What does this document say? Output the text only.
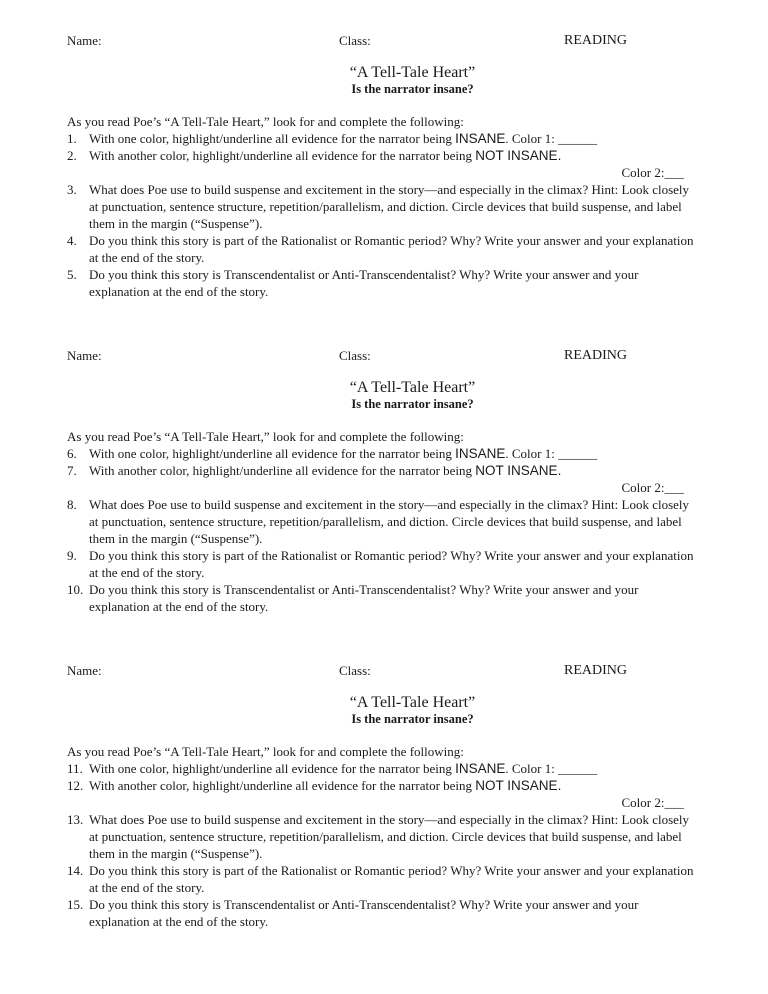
Name:	Class:	READING
“A Tell-Tale Heart”
Is the narrator insane?
As you read Poe’s “A Tell-Tale Heart,” look for and complete the following:
1. With one color, highlight/underline all evidence for the narrator being INSANE. Color 1: ______
2. With another color, highlight/underline all evidence for the narrator being NOT INSANE.
Color 2:___
3. What does Poe use to build suspense and excitement in the story—and especially in the climax? Hint: Look closely at punctuation, sentence structure, repetition/parallelism, and diction. Circle devices that build suspense, and label them in the margin (“Suspense”).
4. Do you think this story is part of the Rationalist or Romantic period? Why? Write your answer and your explanation at the end of the story.
5. Do you think this story is Transcendentalist or Anti-Transcendentalist? Why? Write your answer and your explanation at the end of the story.
Name:	Class:	READING
“A Tell-Tale Heart”
Is the narrator insane?
As you read Poe’s “A Tell-Tale Heart,” look for and complete the following:
6. With one color, highlight/underline all evidence for the narrator being INSANE. Color 1: ______
7. With another color, highlight/underline all evidence for the narrator being NOT INSANE.
Color 2:___
8. What does Poe use to build suspense and excitement in the story—and especially in the climax? Hint: Look closely at punctuation, sentence structure, repetition/parallelism, and diction. Circle devices that build suspense, and label them in the margin (“Suspense”).
9. Do you think this story is part of the Rationalist or Romantic period? Why? Write your answer and your explanation at the end of the story.
10. Do you think this story is Transcendentalist or Anti-Transcendentalist? Why? Write your answer and your explanation at the end of the story.
Name:	Class:	READING
“A Tell-Tale Heart”
Is the narrator insane?
As you read Poe’s “A Tell-Tale Heart,” look for and complete the following:
11. With one color, highlight/underline all evidence for the narrator being INSANE. Color 1: ______
12. With another color, highlight/underline all evidence for the narrator being NOT INSANE.
Color 2:___
13. What does Poe use to build suspense and excitement in the story—and especially in the climax? Hint: Look closely at punctuation, sentence structure, repetition/parallelism, and diction. Circle devices that build suspense, and label them in the margin (“Suspense”).
14. Do you think this story is part of the Rationalist or Romantic period? Why? Write your answer and your explanation at the end of the story.
15. Do you think this story is Transcendentalist or Anti-Transcendentalist? Why? Write your answer and your explanation at the end of the story.
